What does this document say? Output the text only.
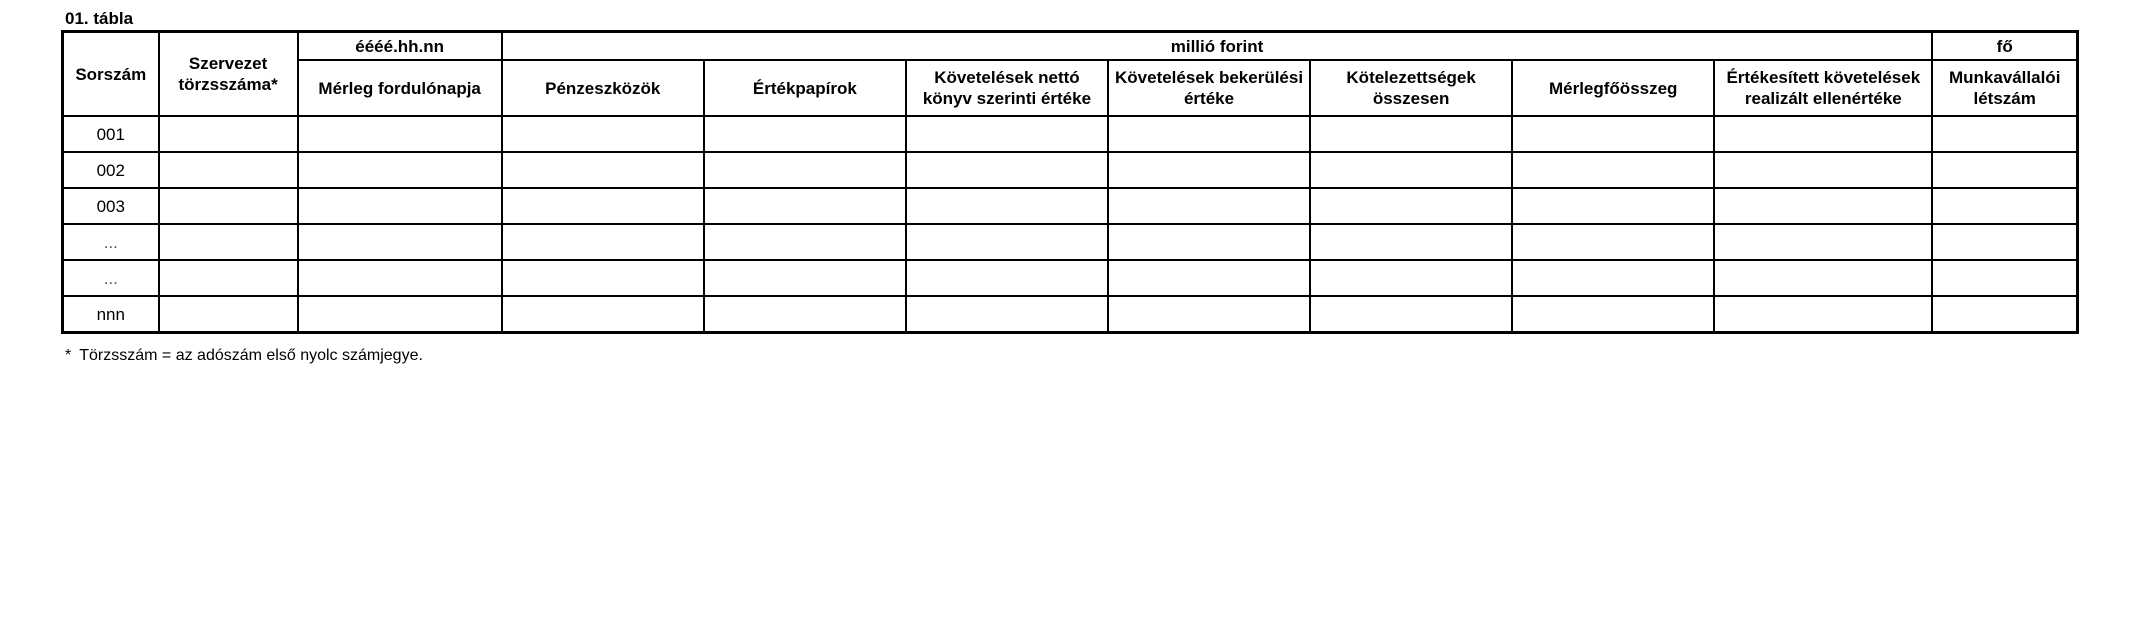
01. tábla
Sorszám	Szervezet törzsszáma*	éééé.hh.nn	millió forint							fő
		Mérleg fordulónapja	Pénzeszközök	Értékpapírok	Követelések nettó könyv szerinti értéke	Követelések bekerülési értéke	Kötelezettségek összesen	Mérlegfőösszeg	Értékesített követelések realizált ellenértéke	Munkavállalói létszám
001										
002										
003										
...										
...										
nnn										
* Törzsszám = az adószám első nyolc számjegye.
